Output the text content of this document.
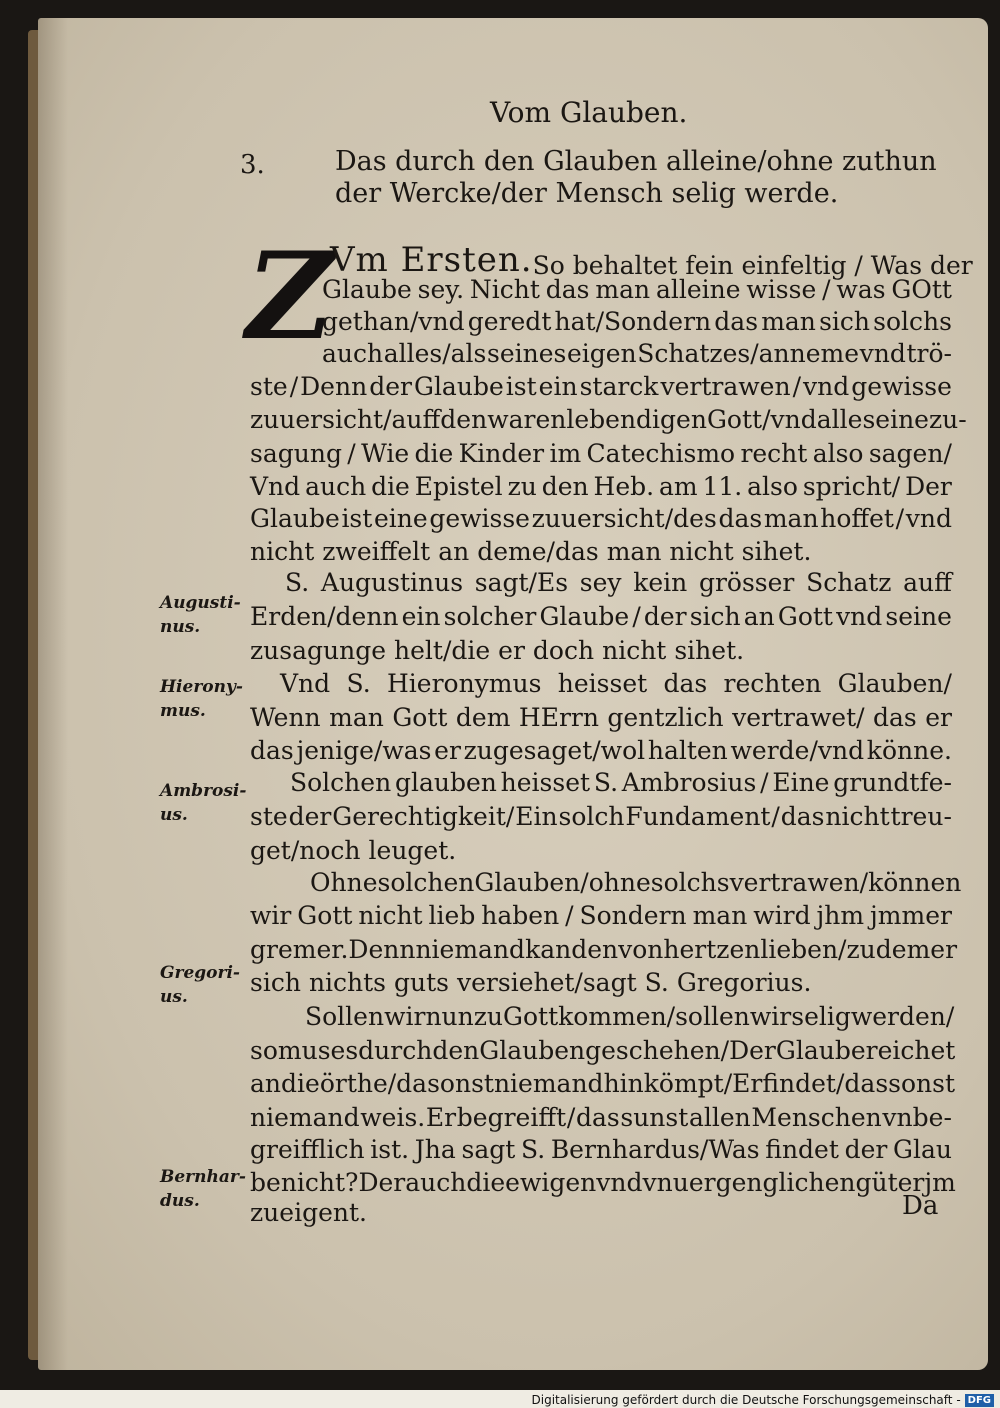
Vom Glauben.
3.	Das durch den Glauben alleine/ohne zuthun
der Wercke/der Mensch selig werde.
Z
Vm Ersten. So behaltet fein einfeltig / Was der
Glaube sey. Nicht das man alleine wisse / was GOtt
gethan/vnd geredt hat/Sondern das man sich solchs
auch alles/als seines eigen Schatzes/anneme vnd trö-
ste / Denn der Glaube ist ein starck vertrawen / vnd gewisse
zuuersicht/auff den waren lebendigen Gott / vnd alle seine zu-
sagung / Wie die Kinder im Catechismo recht also sagen/
Vnd auch die Epistel zu den Heb. am 11. also spricht/ Der
Glaube ist eine gewisse zuuersicht/des das man hoffet / vnd
nicht zweiffelt an deme/das man nicht sihet.
S. Augustinus sagt/Es sey kein grösser Schatz auff
Erden/denn ein solcher Glaube / der sich an Gott vnd seine
zusagunge helt/die er doch nicht sihet.
Vnd S. Hieronymus heisset das rechten Glauben/
Wenn man Gott dem HErrn gentzlich vertrawet/ das er
das jenige/was er zugesaget/wol halten werde/vnd könne.
Solchen glauben heisset S. Ambrosius / Eine grundtfe-
ste der Gerechtigkeit/ Ein solch Fundament / das nicht treu-
get/noch leuget.
Ohne solchen Glauben / ohne solchs vertrawen/ können
wir Gott nicht lieb haben / Sondern man wird jhm jmmer
gremer. Denn niemand kan den von hertzen lieben/ zu dem er
sich nichts guts versiehet/sagt S. Gregorius.
Sollen wir nun zu Gott kommen/ sollen wir selig werden/
so mus es durch den Glauben geschehen / Der Glaube reichet
an die örthe/da sonst niemand hin kömpt/Er findet/ das sonst
niemand weis. Er begreifft / das sunst allen Menschen vnbe-
greifflich ist. Jha sagt S. Bernhardus/Was findet der Glau
be nicht? Der auch die ewigen vnd vnuergenglichen güter jm
zueigent.
Augusti-
nus.
Hierony-
mus.
Ambrosi-
us.
Gregori-
us.
Bernhar-
dus.	Da
Digitalisierung gefördert durch die Deutsche Forschungsgemeinschaft - DFG
